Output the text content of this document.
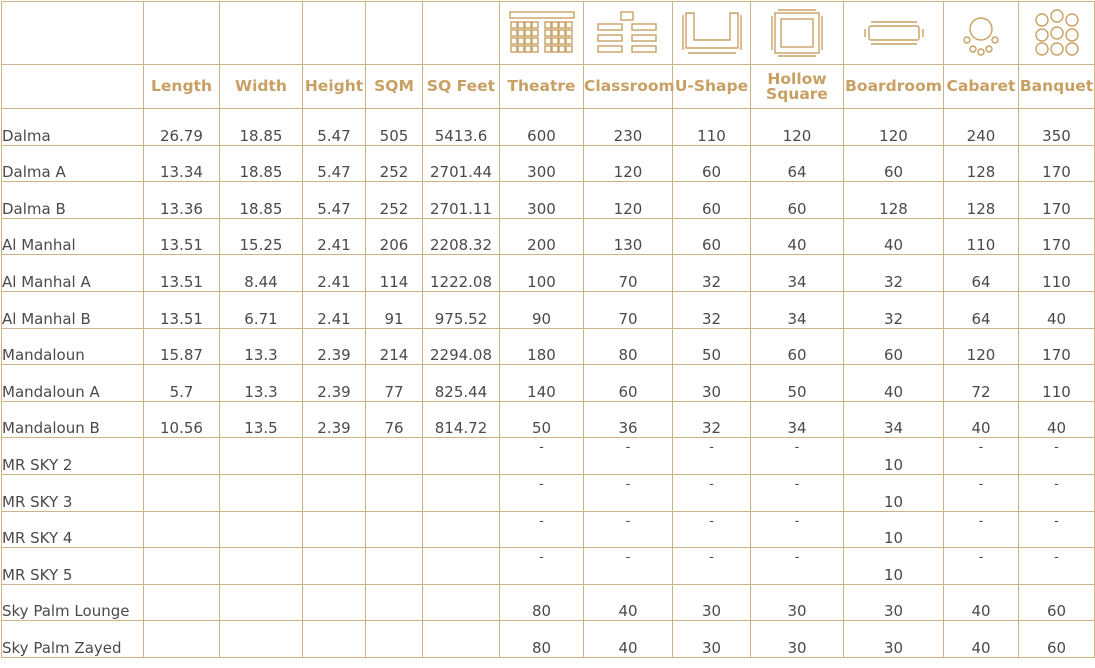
	Length	Width	Height	SQM	SQ Feet	Theatre	Classroom	U-Shape	Hollow Square	Boardroom	Cabaret	Banquet
Dalma	26.79	18.85	5.47	505	5413.6	600	230	110	120	120	240	350
Dalma A	13.34	18.85	5.47	252	2701.44	300	120	60	64	60	128	170
Dalma B	13.36	18.85	5.47	252	2701.11	300	120	60	60	128	128	170
Al Manhal	13.51	15.25	2.41	206	2208.32	200	130	60	40	40	110	170
Al Manhal A	13.51	8.44	2.41	114	1222.08	100	70	32	34	32	64	110
Al Manhal B	13.51	6.71	2.41	91	975.52	90	70	32	34	32	64	40
Mandaloun	15.87	13.3	2.39	214	2294.08	180	80	50	60	60	120	170
Mandaloun A	5.7	13.3	2.39	77	825.44	140	60	30	50	40	72	110
Mandaloun B	10.56	13.5	2.39	76	814.72	50	36	32	34	34	40	40
MR SKY 2						-	-	-	-	10	-	-

MR SKY 3						-	-	-	-	10	-	-

MR SKY 4						-	-	-	-	10	-	-

MR SKY 5						-	-	-	-	10	-	-

Sky Palm Lounge						80	40	30	30	30	40	60
Sky Palm Zayed						80	40	30	30	30	40	60
